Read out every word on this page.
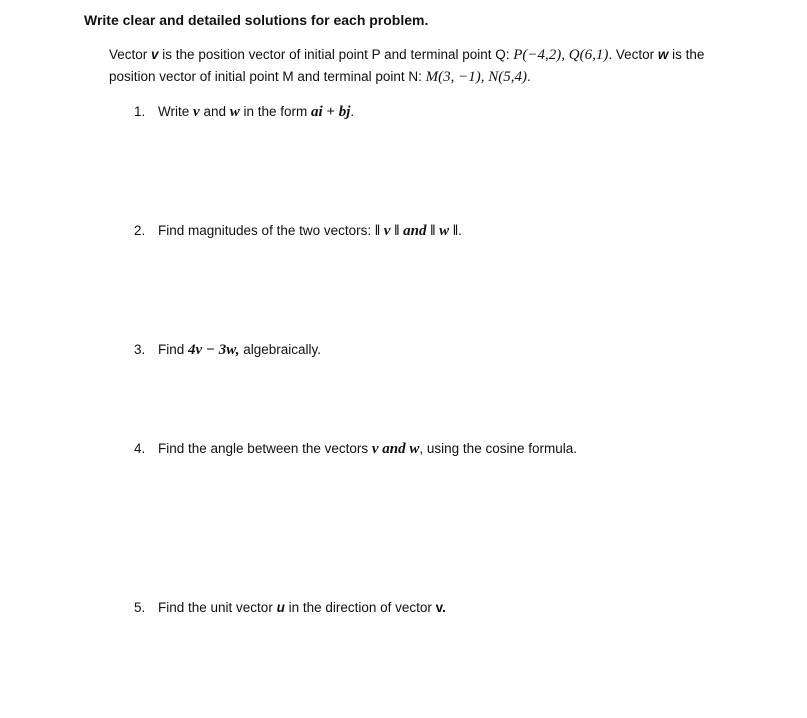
Write clear and detailed solutions for each problem.
Vector v is the position vector of initial point P and terminal point Q: P(−4,2), Q(6,1). Vector w is the position vector of initial point M and terminal point N: M(3, −1), N(5,4).
1. Write v and w in the form ai + bj.
2. Find magnitudes of the two vectors: ‖ v ‖ and ‖ w ‖.
3. Find 4v − 3w, algebraically.
4. Find the angle between the vectors v and w, using the cosine formula.
5. Find the unit vector u in the direction of vector v.
